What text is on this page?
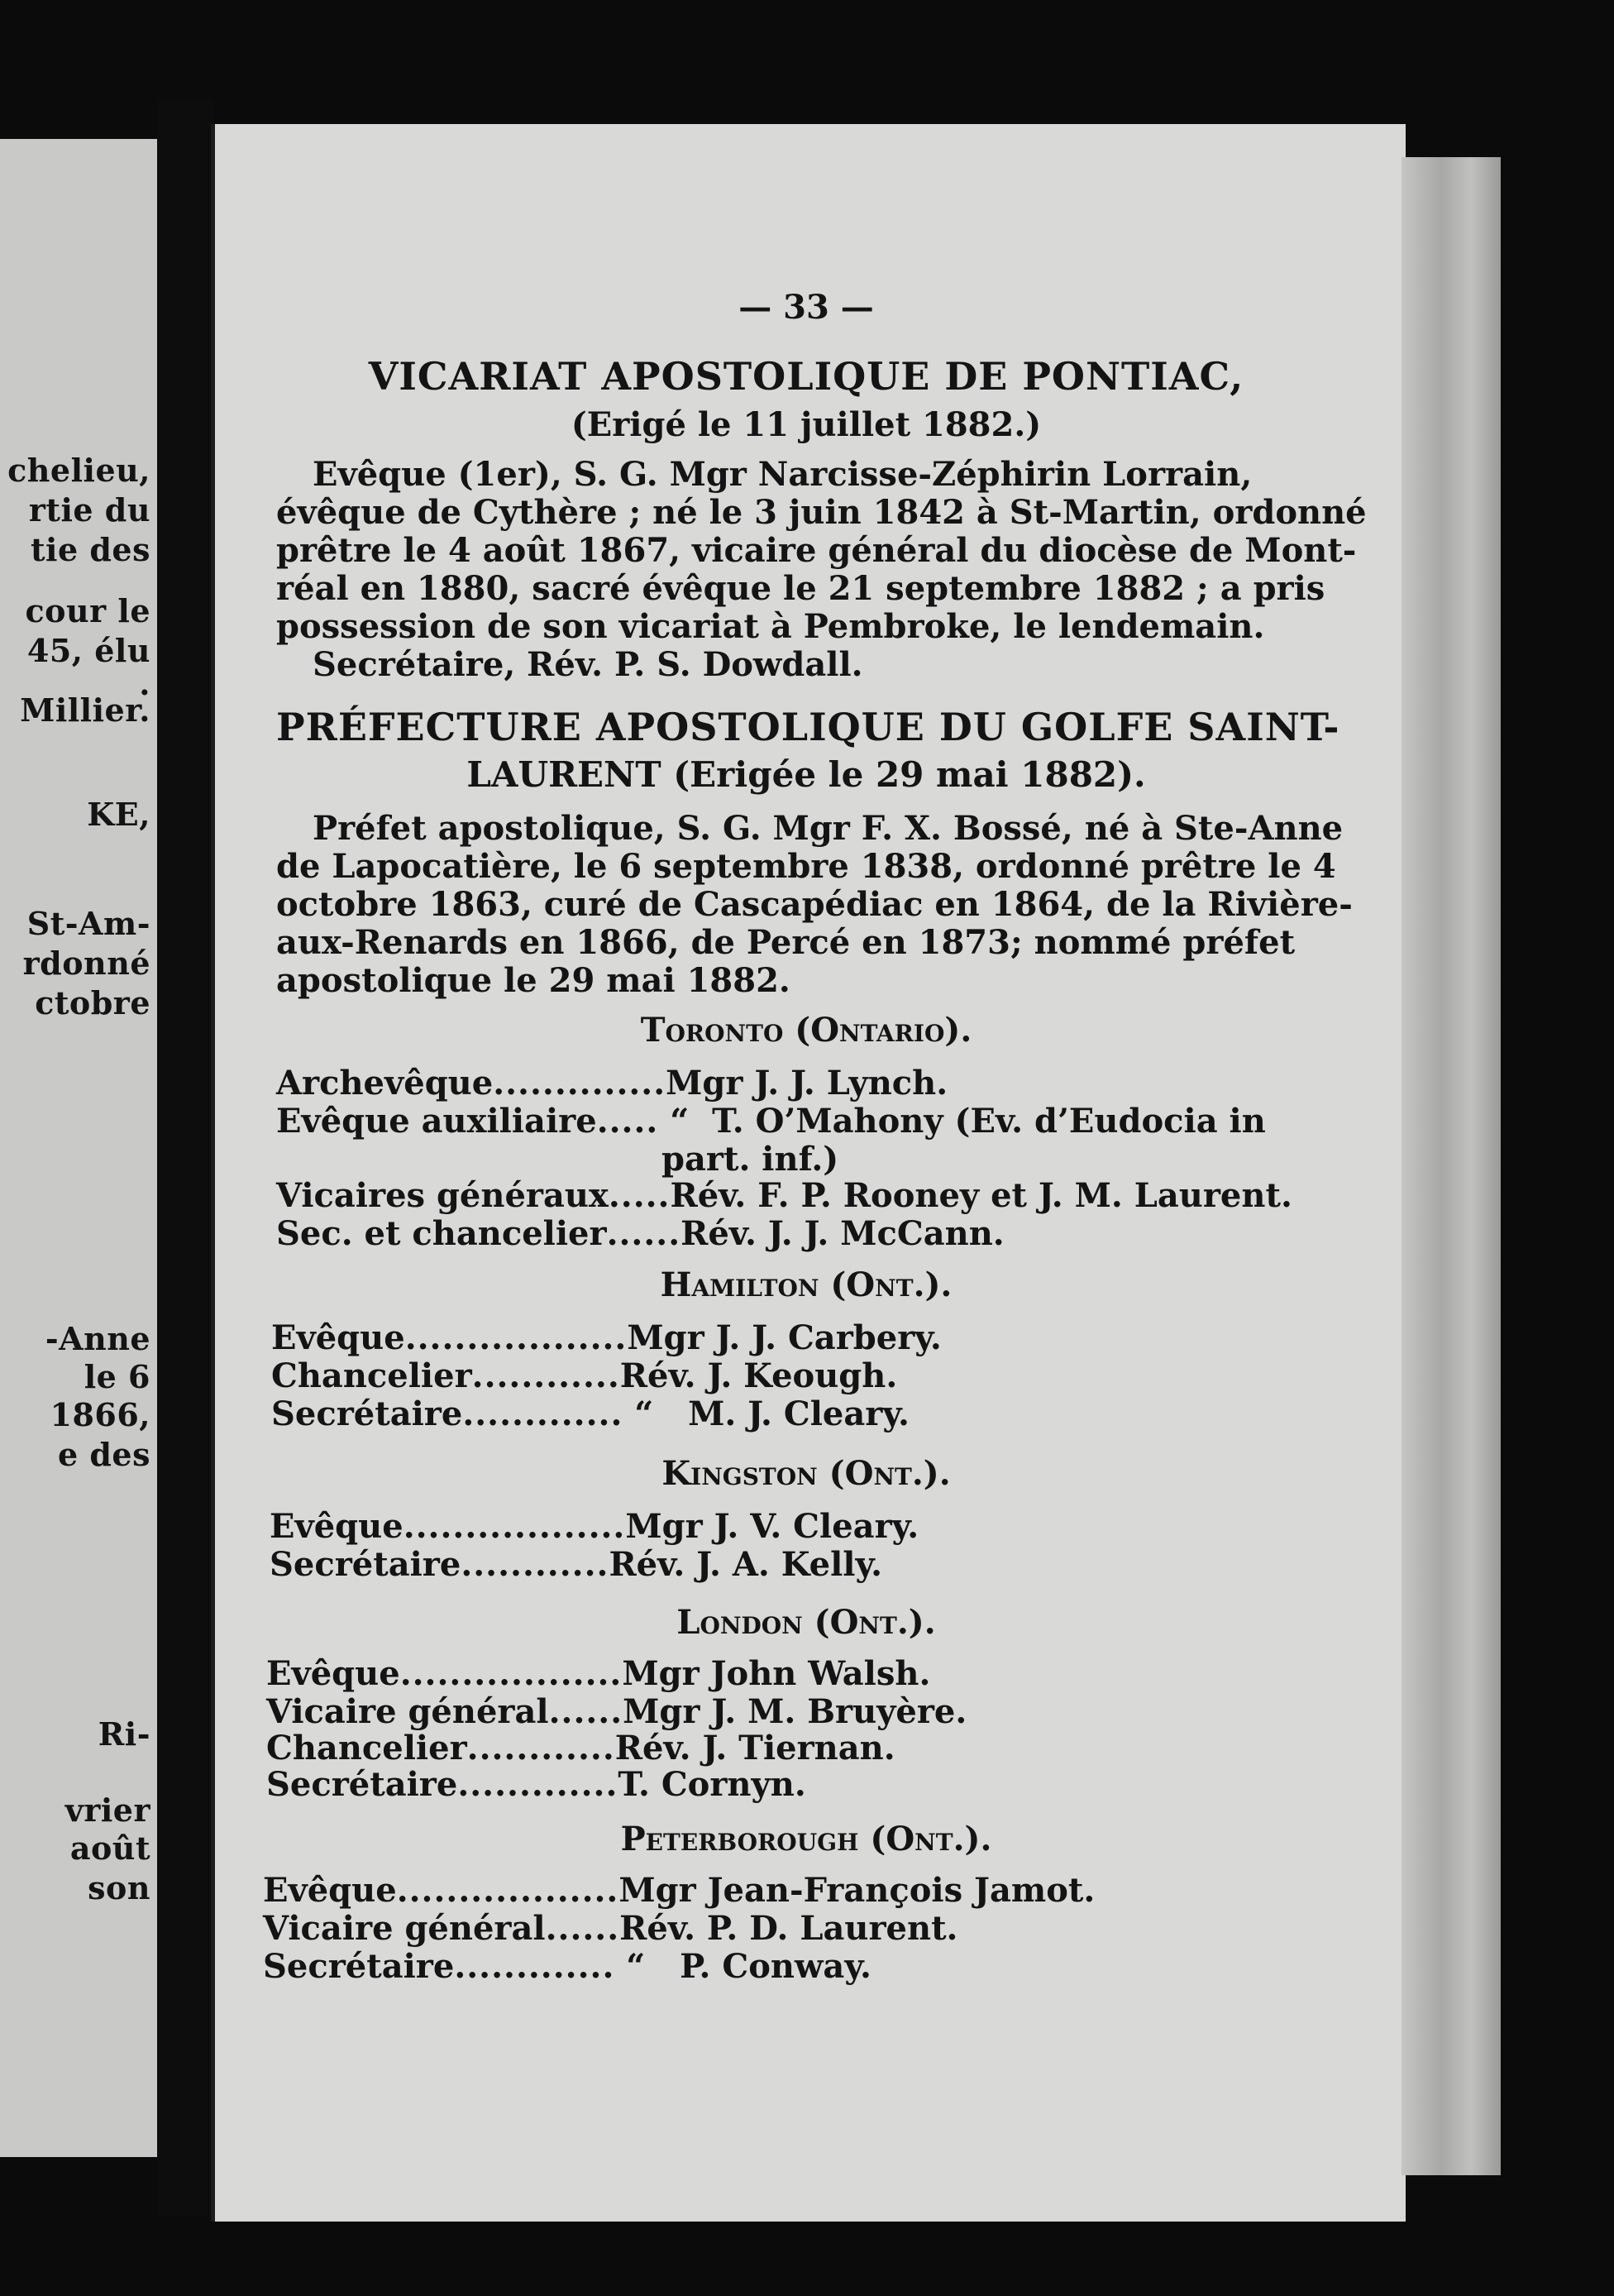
chelieu,
rtie du
tie des
cour le
45, élu
.
Millier.
KE,
St-Am-
rdonné
ctobre
-Anne
le 6
1866,
e des
Ri-
vrier
août
son
— 33 —
VICARIAT APOSTOLIQUE DE PONTIAC,
(Erigé le 11 juillet 1882.)
Evêque (1er), S. G. Mgr Narcisse-Zéphirin Lorrain,
évêque de Cythère ; né le 3 juin 1842 à St-Martin, ordonné
prêtre le 4 août 1867, vicaire général du diocèse de Mont-
réal en 1880, sacré évêque le 21 septembre 1882 ; a pris
possession de son vicariat à Pembroke, le lendemain.
Secrétaire, Rév. P. S. Dowdall.
PRÉFECTURE APOSTOLIQUE DU GOLFE SAINT-
LAURENT (Erigée le 29 mai 1882).
Préfet apostolique, S. G. Mgr F. X. Bossé, né à Ste-Anne
de Lapocatière, le 6 septembre 1838, ordonné prêtre le 4
octobre 1863, curé de Cascapédiac en 1864, de la Rivière-
aux-Renards en 1866, de Percé en 1873; nommé préfet
apostolique le 29 mai 1882.
Toronto (Ontario).
Archevêque .............. Mgr J. J. Lynch.
Evêque auxiliaire ..... “  T. O’Mahony (Ev. d’Eudocia in
part. inf.)
Vicaires généraux ..... Rév. F. P. Rooney et J. M. Laurent.
Sec. et chancelier ...... Rév. J. J. McCann.
Hamilton (Ont.).
Evêque .................. Mgr J. J. Carbery.
Chancelier ............ Rév. J. Keough.
Secrétaire ............. “   M. J. Cleary.
Kingston (Ont.).
Evêque .................. Mgr J. V. Cleary.
Secrétaire ............ Rév. J. A. Kelly.
London (Ont.).
Evêque .................. Mgr John Walsh.
Vicaire général ...... Mgr J. M. Bruyère.
Chancelier ............ Rév. J. Tiernan.
Secrétaire ............. T. Cornyn.
Peterborough (Ont.).
Evêque .................. Mgr Jean-François Jamot.
Vicaire général ...... Rév. P. D. Laurent.
Secrétaire ............. “   P. Conway.
